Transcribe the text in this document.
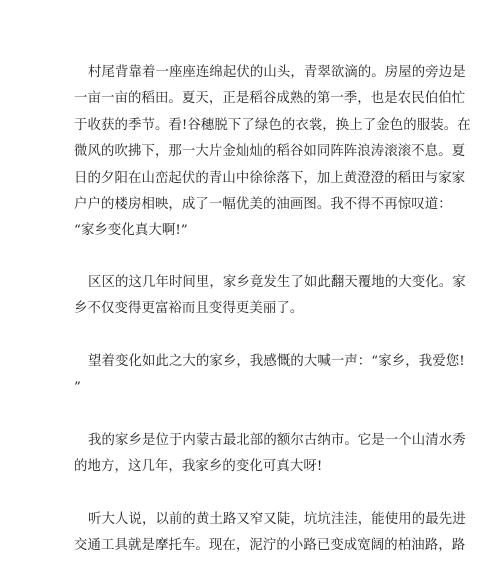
村尾背靠着一座座连绵起伏的山头，青翠欲滴的。房屋的旁边是
一亩一亩的稻田。夏天，正是稻谷成熟的第一季，也是农民伯伯忙
于收获的季节。看!谷穗脱下了绿色的衣裳，换上了金色的服装。在
微风的吹拂下，那一大片金灿灿的稻谷如同阵阵浪涛滚滚不息。夏
日的夕阳在山峦起伏的青山中徐徐落下，加上黄澄澄的稻田与家家
户户的楼房相映，成了一幅优美的油画图。我不得不再惊叹道：
“家乡变化真大啊!”

区区的这几年时间里，家乡竟发生了如此翻天覆地的大变化。家
乡不仅变得更富裕而且变得更美丽了。

望着变化如此之大的家乡，我感慨的大喊一声：“家乡，我爱您!
”

我的家乡是位于内蒙古最北部的额尔古纳市。它是一个山清水秀
的地方，这几年，我家乡的变化可真大呀!

听大人说，以前的黄土路又窄又陡，坑坑洼洼，能使用的最先进
交通工具就是摩托车。现在，泥泞的小路已变成宽阔的柏油路，路
